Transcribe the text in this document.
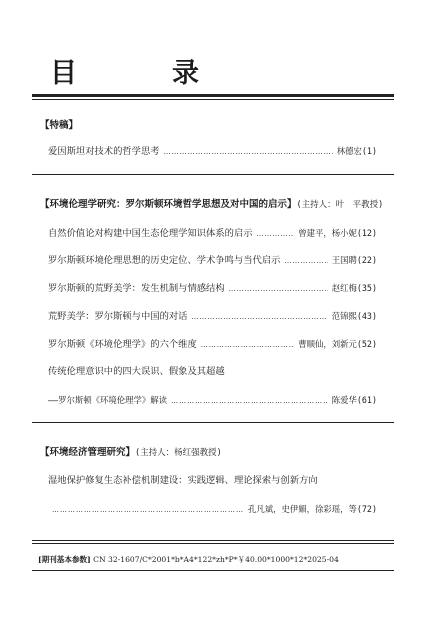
目　录
【特稿】
爱因斯坦对技术的哲学思考 …………………………………………………………………………………………………………………………………	林德宏(1)
【环境伦理学研究：罗尔斯顿环境哲学思想及对中国的启示】(主持人：叶　平教授)
自然价值论对构建中国生态伦理学知识体系的启示 …………………………………………………………………………………………………………………………………	曾建平，杨小妮(12)
罗尔斯顿环境伦理思想的历史定位、学术争鸣与当代启示 …………………………………………………………………………………………………………………………………	王国聘(22)
罗尔斯顿的荒野美学：发生机制与情感结构 …………………………………………………………………………………………………………………………………	赵红梅(35)
荒野美学：罗尔斯顿与中国的对话 …………………………………………………………………………………………………………………………………	范锦熙(43)
罗尔斯顿《环境伦理学》的六个维度 …………………………………………………………………………………………………………………………………	曹顺仙，刘新元(52)
传统伦理意识中的四大误识、假象及其超越
——罗尔斯顿《环境伦理学》解读 …………………………………………………………………………………………………………………………………	陈爱华(61)
【环境经济管理研究】(主持人：杨红强教授)
湿地保护修复生态补偿机制建设：实践逻辑、理论探索与创新方向
…………………………………………………………………………………………………………………………………
孔凡斌，史伊媚，徐彩瑶，等(72)
[期刊基本参数] CN 32-1607/C*2001*b*A4*122*zh*P*￥40.00*1000*12*2025-04
